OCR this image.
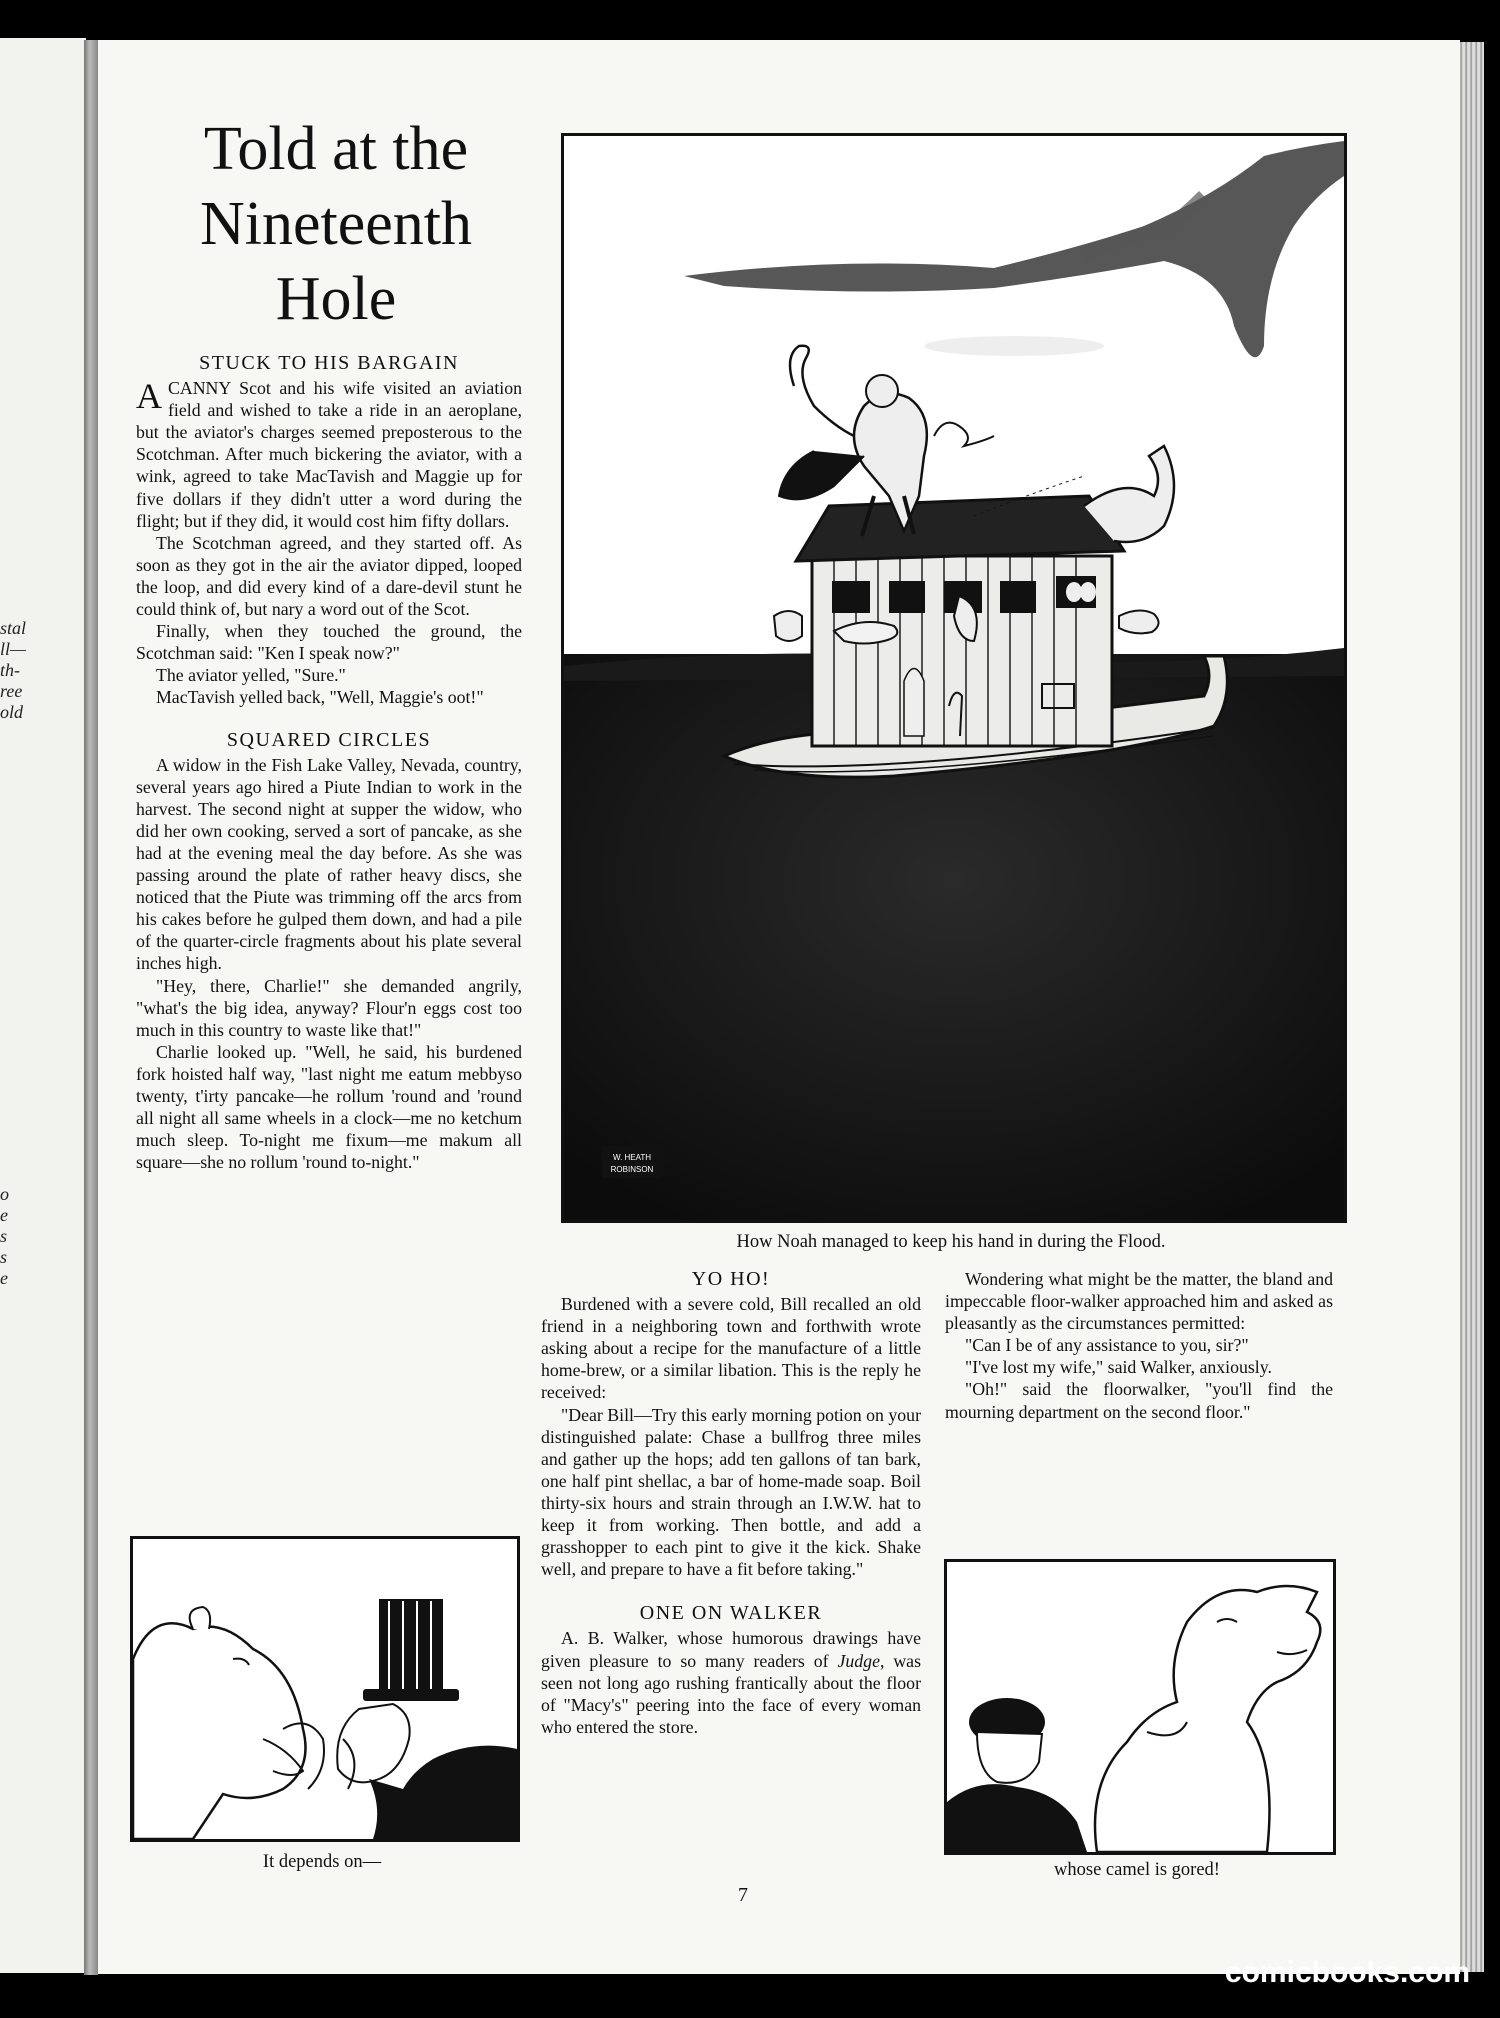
stal
ll—
th-
ree
old
o
e
s
s
e
Told at the Nineteenth Hole
STUCK TO HIS BARGAIN

ACANNY Scot and his wife visited an aviation field and wished to take a ride in an aeroplane, but the aviator's charges seemed preposterous to the Scotchman. After much bickering the aviator, with a wink, agreed to take MacTavish and Maggie up for five dollars if they didn't utter a word during the flight; but if they did, it would cost him fifty dollars.

The Scotchman agreed, and they started off. As soon as they got in the air the aviator dipped, looped the loop, and did every kind of a dare-devil stunt he could think of, but nary a word out of the Scot.

Finally, when they touched the ground, the Scotchman said: "Ken I speak now?"

The aviator yelled, "Sure."

MacTavish yelled back, "Well, Maggie's oot!"

SQUARED CIRCLES

A widow in the Fish Lake Valley, Nevada, country, several years ago hired a Piute Indian to work in the harvest. The second night at supper the widow, who did her own cooking, served a sort of pancake, as she had at the evening meal the day before. As she was passing around the plate of rather heavy discs, she noticed that the Piute was trimming off the arcs from his cakes before he gulped them down, and had a pile of the quarter-circle fragments about his plate several inches high.

"Hey, there, Charlie!" she demanded angrily, "what's the big idea, anyway? Flour'n eggs cost too much in this country to waste like that!"

Charlie looked up. "Well, he said, his burdened fork hoisted half way, "last night me eatum mebbyso twenty, t'irty pancake—he rollum 'round and 'round all night all same wheels in a clock—me no ketchum much sleep. To-night me fixum—me makum all square—she no rollum 'round to-night."	W. HEATH
ROBINSON
How Noah managed to keep his hand in during the Flood.
YO HO!

Burdened with a severe cold, Bill recalled an old friend in a neighboring town and forthwith wrote asking about a recipe for the manufacture of a little home-brew, or a similar libation. This is the reply he received:

"Dear Bill—Try this early morning potion on your distinguished palate: Chase a bullfrog three miles and gather up the hops; add ten gallons of tan bark, one half pint shellac, a bar of home-made soap. Boil thirty-six hours and strain through an I.W.W. hat to keep it from working. Then bottle, and add a grasshopper to each pint to give it the kick. Shake well, and prepare to have a fit before taking."

ONE ON WALKER

A. B. Walker, whose humorous drawings have given pleasure to so many readers of Judge, was seen not long ago rushing frantically about the floor of "Macy's" peering into the face of every woman who entered the store.

Wondering what might be the matter, the bland and impeccable floor-walker approached him and asked as pleasantly as the circumstances permitted:

"Can I be of any assistance to you, sir?"

"I've lost my wife," said Walker, anxiously.

"Oh!" said the floorwalker, "you'll find the mourning department on the second floor."

It depends on—	whose camel is gored!
7
comicbooks.com
